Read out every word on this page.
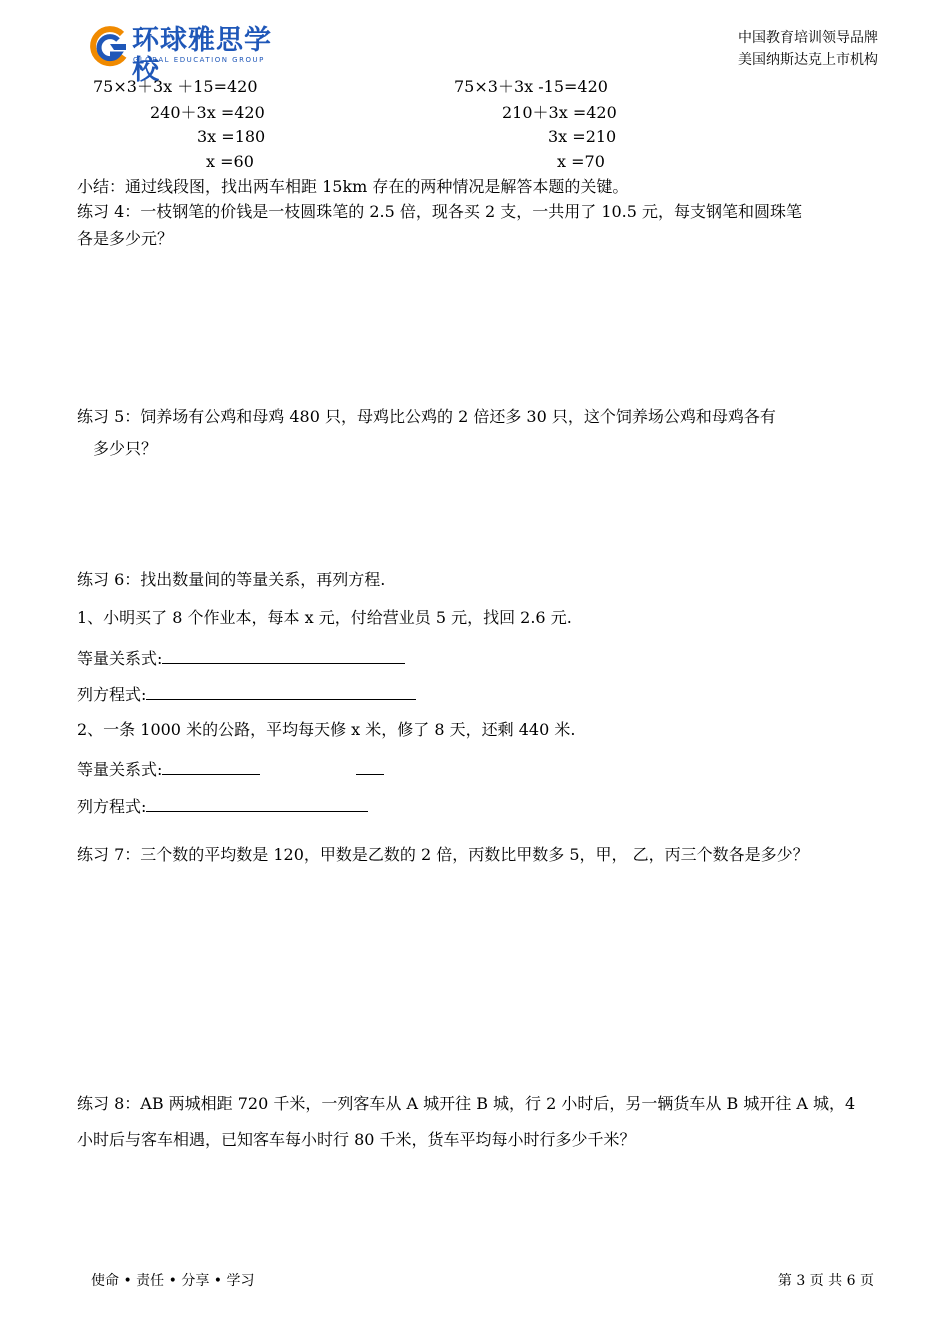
环球雅思学校
GLOBAL EDUCATION GROUP
中国教育培训领导品牌
美国纳斯达克上市机构
75×3＋3x ＋15=420
240＋3x =420
3x =180
x =60
75×3＋3x -15=420
210＋3x =420
3x =210
x =70
小结：通过线段图，找出两车相距 15km 存在的两种情况是解答本题的关键。
练习 4：一枝钢笔的价钱是一枝圆珠笔的 2.5 倍，现各买 2 支，一共用了 10.5 元，每支钢笔和圆珠笔
各是多少元？
练习 5：饲养场有公鸡和母鸡 480 只，母鸡比公鸡的 2 倍还多 30 只，这个饲养场公鸡和母鸡各有
多少只？
练习 6：找出数量间的等量关系，再列方程.
1、小明买了 8 个作业本，每本 x 元，付给营业员 5 元，找回 2.6 元.
等量关系式:
列方程式:
2、一条 1000 米的公路，平均每天修 x 米，修了 8 天，还剩 440 米.
等量关系式:
列方程式:
练习 7：三个数的平均数是 120，甲数是乙数的 2 倍，丙数比甲数多 5，甲， 乙，丙三个数各是多少？
练习 8：AB 两城相距 720 千米，一列客车从 A 城开往 B 城，行 2 小时后，另一辆货车从 B 城开往 A 城，4
小时后与客车相遇，已知客车每小时行 80 千米，货车平均每小时行多少千米？
使命 • 责任 • 分享 • 学习	第 3 页 共 6 页
